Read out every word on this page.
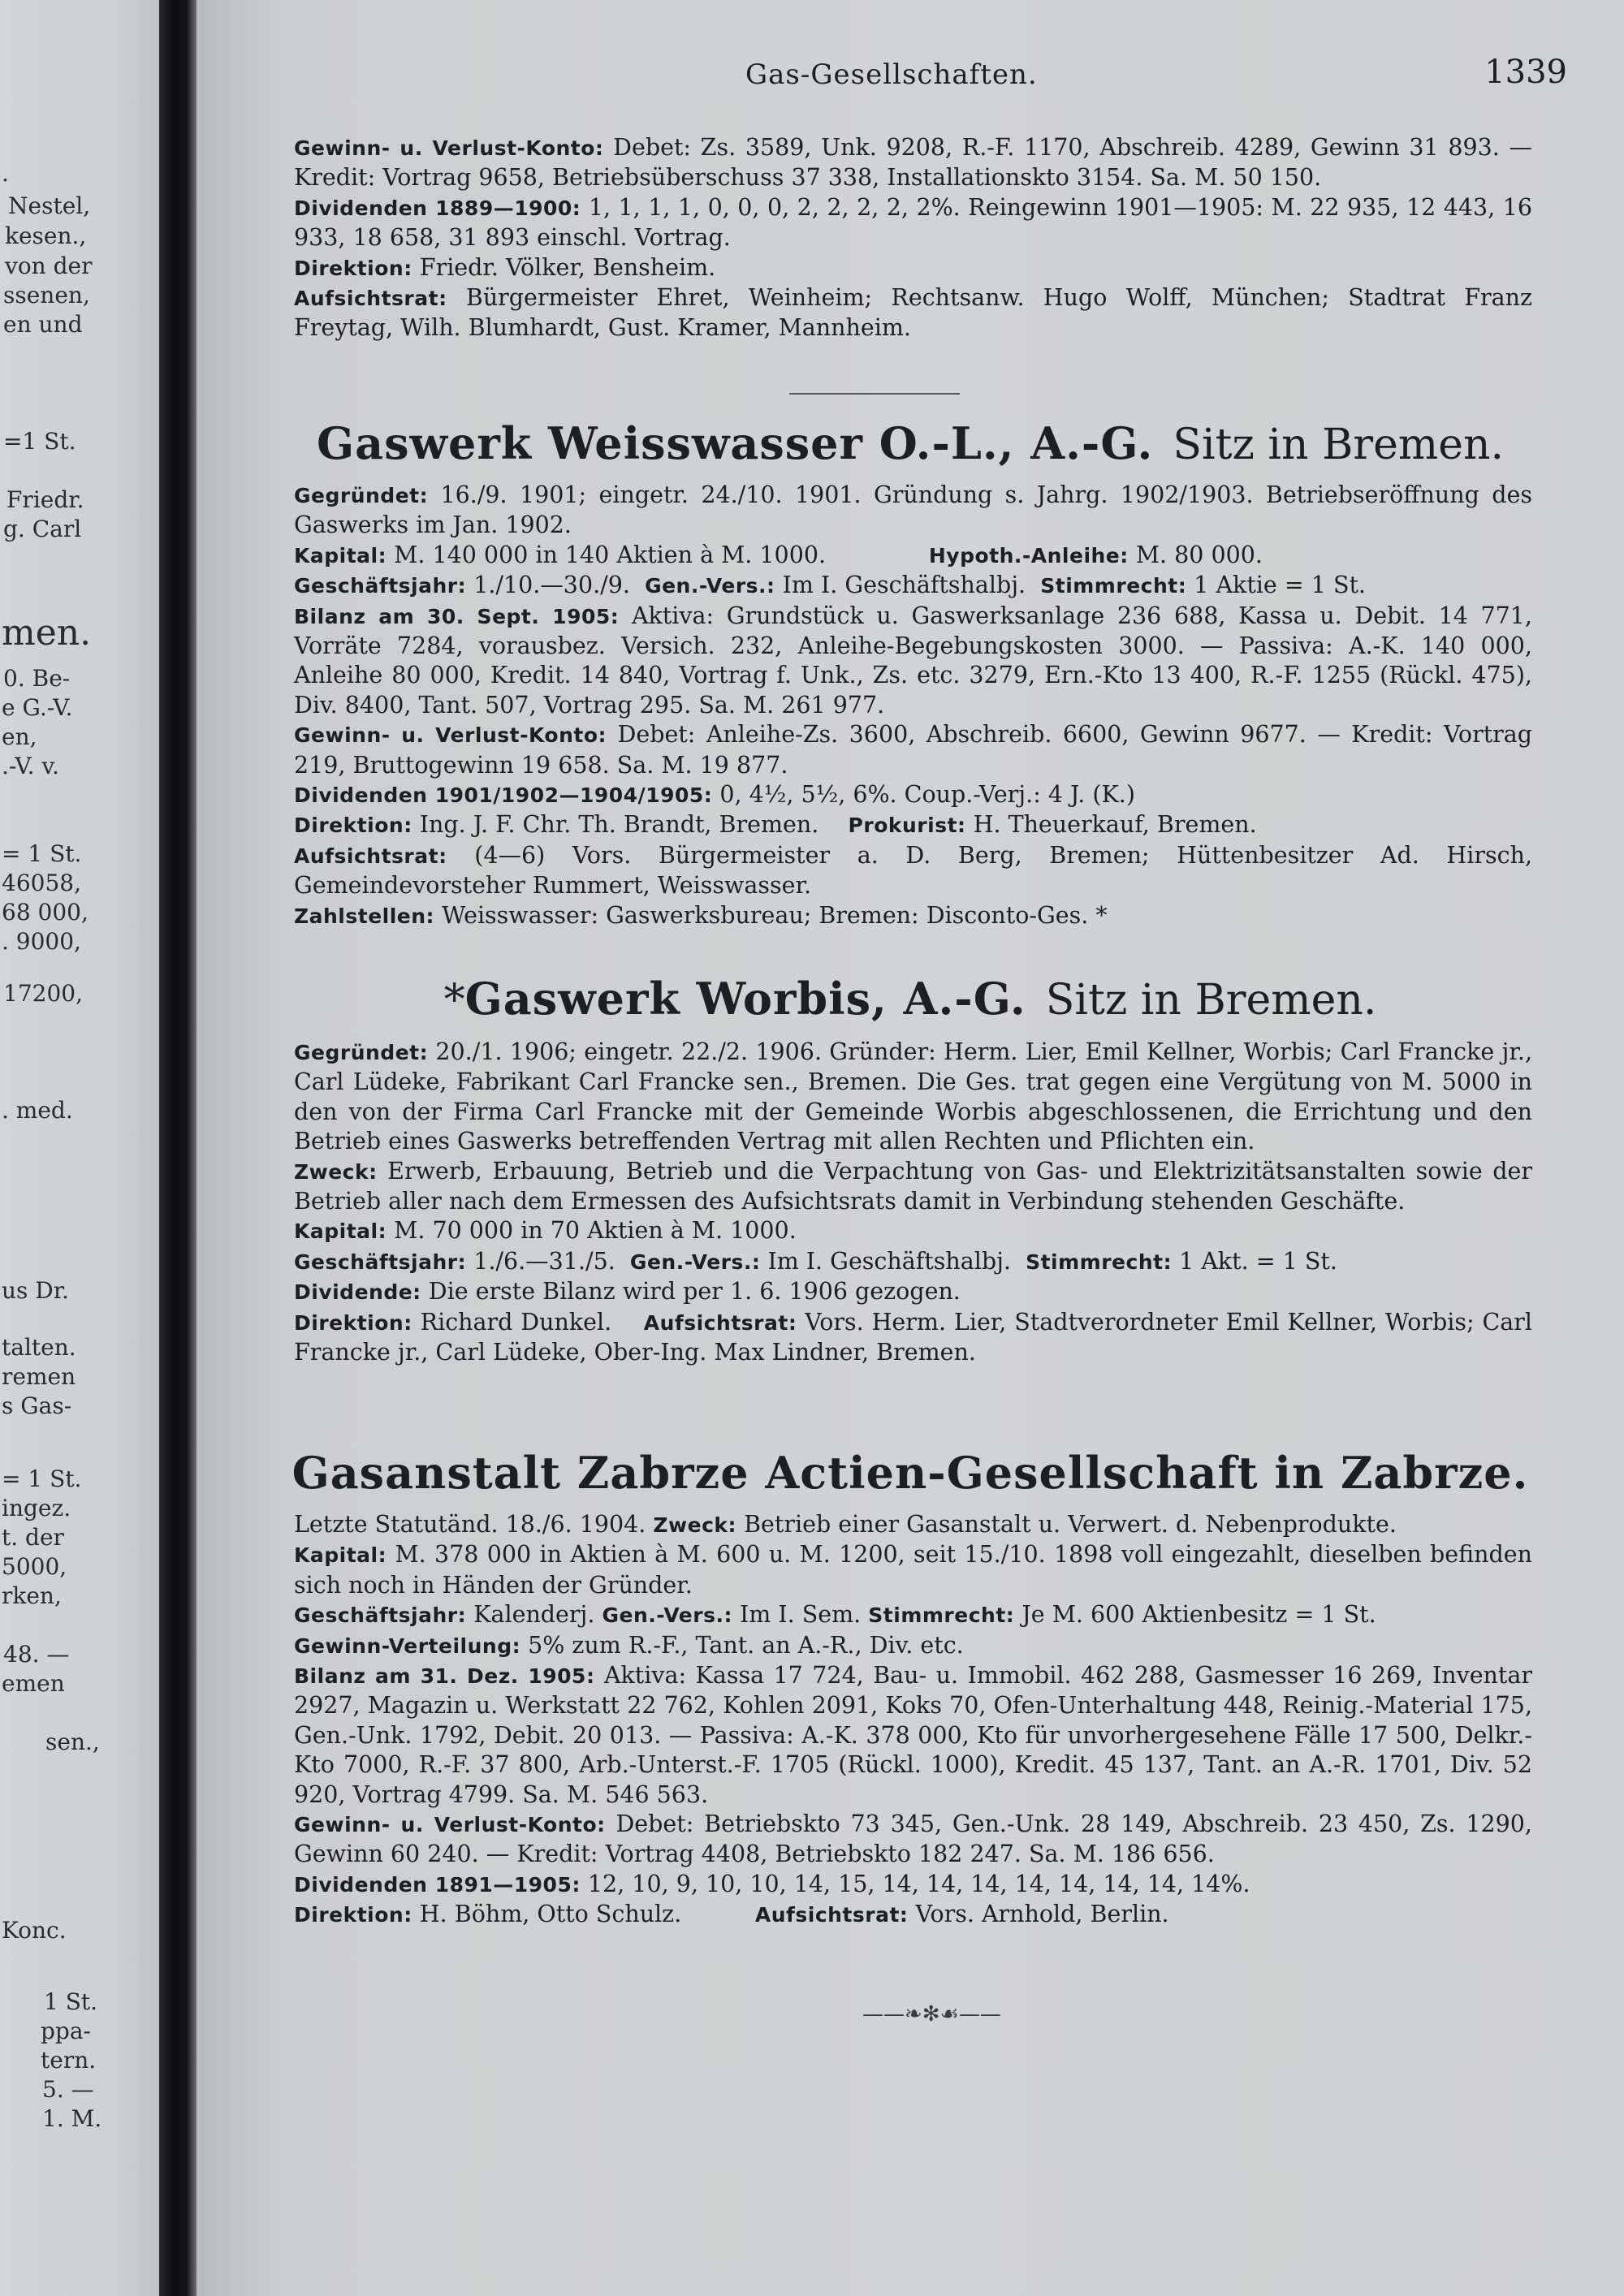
.
Nestel,
kesen.,
von der
ssenen,
en und
=1 St.
Friedr.
g. Carl
men.
0. Be-
e G.-V.
en,
.-V. v.
= 1 St.
46058,
68 000,
. 9000,
17200,
. med.
us Dr.
talten.
remen
s Gas-
= 1 St.
ingez.
t. der
5000,
rken,
48. —
emen
sen.,
Konc.
1 St.
ppa-
tern.
5. —
1. M.
Gas-Gesellschaften.	1339

Gewinn- u. Verlust-Konto: Debet: Zs. 3589, Unk. 9208, R.-F. 1170, Abschreib. 4289, Gewinn 31 893. — Kredit: Vortrag 9658, Betriebsüberschuss 37 338, Installationskto 3154. Sa. M. 50 150.

Dividenden 1889—1900: 1, 1, 1, 1, 0, 0, 0, 2, 2, 2, 2, 2%. Reingewinn 1901—1905: M. 22 935, 12 443, 16 933, 18 658, 31 893 einschl. Vortrag.

Direktion: Friedr. Völker, Bensheim.

Aufsichtsrat: Bürgermeister Ehret, Weinheim; Rechtsanw. Hugo Wolff, München; Stadtrat Franz Freytag, Wilh. Blumhardt, Gust. Kramer, Mannheim.

Gaswerk Weisswasser O.-L., A.-G. Sitz in Bremen.

Gegründet: 16./9. 1901; eingetr. 24./10. 1901. Gründung s. Jahrg. 1902/1903. Betriebseröffnung des Gaswerks im Jan. 1902.

Kapital: M. 140 000 in 140 Aktien à M. 1000.	Hypoth.-Anleihe: M. 80 000.

Geschäftsjahr: 1./10.—30./9. Gen.-Vers.: Im I. Geschäftshalbj. Stimmrecht: 1 Aktie = 1 St.

Bilanz am 30. Sept. 1905: Aktiva: Grundstück u. Gaswerksanlage 236 688, Kassa u. Debit. 14 771, Vorräte 7284, vorausbez. Versich. 232, Anleihe-Begebungskosten 3000. — Passiva: A.-K. 140 000, Anleihe 80 000, Kredit. 14 840, Vortrag f. Unk., Zs. etc. 3279, Ern.-Kto 13 400, R.-F. 1255 (Rückl. 475), Div. 8400, Tant. 507, Vortrag 295. Sa. M. 261 977.

Gewinn- u. Verlust-Konto: Debet: Anleihe-Zs. 3600, Abschreib. 6600, Gewinn 9677. — Kredit: Vortrag 219, Bruttogewinn 19 658. Sa. M. 19 877.

Dividenden 1901/1902—1904/1905: 0, 4½, 5½, 6%. Coup.-Verj.: 4 J. (K.)

Direktion: Ing. J. F. Chr. Th. Brandt, Bremen. Prokurist: H. Theuerkauf, Bremen.

Aufsichtsrat: (4—6) Vors. Bürgermeister a. D. Berg, Bremen; Hüttenbesitzer Ad. Hirsch, Gemeindevorsteher Rummert, Weisswasser.

Zahlstellen: Weisswasser: Gaswerksbureau; Bremen: Disconto-Ges. *

*Gaswerk Worbis, A.-G. Sitz in Bremen.

Gegründet: 20./1. 1906; eingetr. 22./2. 1906. Gründer: Herm. Lier, Emil Kellner, Worbis; Carl Francke jr., Carl Lüdeke, Fabrikant Carl Francke sen., Bremen. Die Ges. trat gegen eine Vergütung von M. 5000 in den von der Firma Carl Francke mit der Gemeinde Worbis abgeschlossenen, die Errichtung und den Betrieb eines Gaswerks betreffenden Vertrag mit allen Rechten und Pflichten ein.

Zweck: Erwerb, Erbauung, Betrieb und die Verpachtung von Gas- und Elektrizitätsanstalten sowie der Betrieb aller nach dem Ermessen des Aufsichtsrats damit in Verbindung stehenden Geschäfte.

Kapital: M. 70 000 in 70 Aktien à M. 1000.

Geschäftsjahr: 1./6.—31./5. Gen.-Vers.: Im I. Geschäftshalbj. Stimmrecht: 1 Akt. = 1 St.

Dividende: Die erste Bilanz wird per 1. 6. 1906 gezogen.

Direktion: Richard Dunkel. Aufsichtsrat: Vors. Herm. Lier, Stadtverordneter Emil Kellner, Worbis; Carl Francke jr., Carl Lüdeke, Ober-Ing. Max Lindner, Bremen.

Gasanstalt Zabrze Actien-Gesellschaft in Zabrze.

Letzte Statutänd. 18./6. 1904. Zweck: Betrieb einer Gasanstalt u. Verwert. d. Nebenprodukte.

Kapital: M. 378 000 in Aktien à M. 600 u. M. 1200, seit 15./10. 1898 voll eingezahlt, dieselben befinden sich noch in Händen der Gründer.

Geschäftsjahr: Kalenderj. Gen.-Vers.: Im I. Sem. Stimmrecht: Je M. 600 Aktienbesitz = 1 St.

Gewinn-Verteilung: 5% zum R.-F., Tant. an A.-R., Div. etc.

Bilanz am 31. Dez. 1905: Aktiva: Kassa 17 724, Bau- u. Immobil. 462 288, Gasmesser 16 269, Inventar 2927, Magazin u. Werkstatt 22 762, Kohlen 2091, Koks 70, Ofen-Unterhaltung 448, Reinig.-Material 175, Gen.-Unk. 1792, Debit. 20 013. — Passiva: A.-K. 378 000, Kto für unvorhergesehene Fälle 17 500, Delkr.-Kto 7000, R.-F. 37 800, Arb.-Unterst.-F. 1705 (Rückl. 1000), Kredit. 45 137, Tant. an A.-R. 1701, Div. 52 920, Vortrag 4799. Sa. M. 546 563.

Gewinn- u. Verlust-Konto: Debet: Betriebskto 73 345, Gen.-Unk. 28 149, Abschreib. 23 450, Zs. 1290, Gewinn 60 240. — Kredit: Vortrag 4408, Betriebskto 182 247. Sa. M. 186 656.

Dividenden 1891—1905: 12, 10, 9, 10, 10, 14, 15, 14, 14, 14, 14, 14, 14, 14, 14%.

Direktion: H. Böhm, Otto Schulz.	Aufsichtsrat: Vors. Arnhold, Berlin.

——❧✻☙——
